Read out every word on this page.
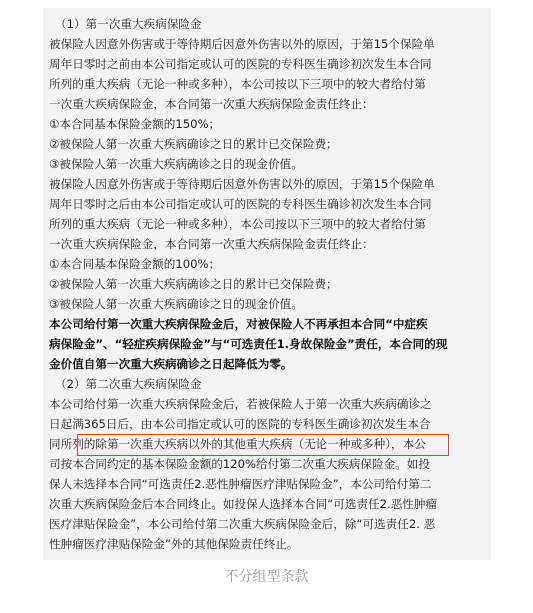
（1）第一次重大疾病保险金
被保险人因意外伤害或于等待期后因意外伤害以外的原因，于第15个保险单
周年日零时之前由本公司指定或认可的医院的专科医生确诊初次发生本合同
所列的重大疾病（无论一种或多种），本公司按以下三项中的较大者给付第
一次重大疾病保险金，本合同第一次重大疾病保险金责任终止：
①本合同基本保险金额的150%；
②被保险人第一次重大疾病确诊之日的累计已交保险费；
③被保险人第一次重大疾病确诊之日的现金价值。
被保险人因意外伤害或于等待期后因意外伤害以外的原因，于第15个保险单
周年日零时之后由本公司指定或认可的医院的专科医生确诊初次发生本合同
所列的重大疾病（无论一种或多种），本公司按以下三项中的较大者给付第
一次重大疾病保险金，本合同第一次重大疾病保险金责任终止：
①本合同基本保险金额的100%；
②被保险人第一次重大疾病确诊之日的累计已交保险费；
③被保险人第一次重大疾病确诊之日的现金价值。
本公司给付第一次重大疾病保险金后，对被保险人不再承担本合同“中症疾
病保险金”、“轻症疾病保险金”与“可选责任1.身故保险金”责任，本合同的现
金价值自第一次重大疾病确诊之日起降低为零。
（2）第二次重大疾病保险金
本公司给付第一次重大疾病保险金后，若被保险人于第一次重大疾病确诊之
日起满365日后，由本公司指定或认可的医院的专科医生确诊初次发生本合
同所列的除第一次重大疾病以外的其他重大疾病（无论一种或多种），本公
司按本合同约定的基本保险金额的120%给付第二次重大疾病保险金。如投
保人未选择本合同“可选责任2.恶性肿瘤医疗津贴保险金”，本公司给付第二
次重大疾病保险金后本合同终止。如投保人选择本合同“可选责任2.恶性肿瘤
医疗津贴保险金”，本公司给付第二次重大疾病保险金后，除“可选责任2. 恶
性肿瘤医疗津贴保险金”外的其他保险责任终止。
不分组型条款
